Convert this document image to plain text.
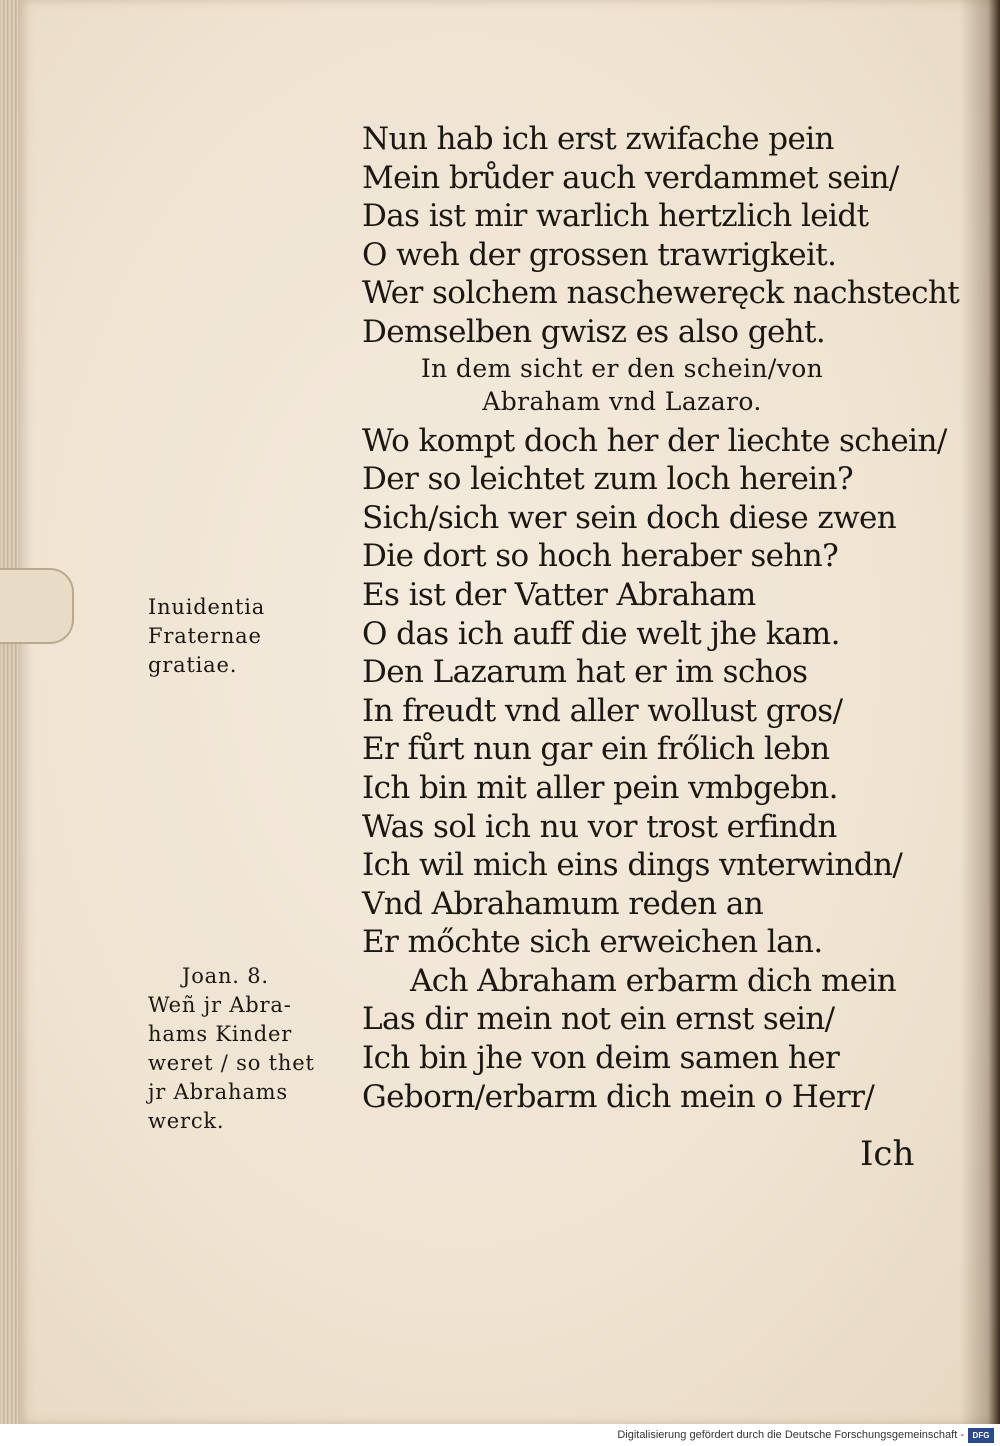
Nun hab ich erst zwifache pein
Mein brůder auch verdammet sein/
Das ist mir warlich hertzlich leidt
O weh der grossen trawrigkeit.
Wer solchem nascheweręck nachstecht
Demselben gwisz es also geht.
In dem sicht er den schein/von
Abraham vnd Lazaro.
Wo kompt doch her der liechte schein/
Der so leichtet zum loch herein?
Sich/sich wer sein doch diese zwen
Die dort so hoch heraber sehn?
Es ist der Vatter Abraham
O das ich auff die welt jhe kam.
Den Lazarum hat er im schos
In freudt vnd aller wollust gros/
Er fůrt nun gar ein frőlich lebn
Ich bin mit aller pein vmbgebn.
Was sol ich nu vor trost erfindn
Ich wil mich eins dings vnterwindn/
Vnd Abrahamum reden an
Er mőchte sich erweichen lan.
Ach Abraham erbarm dich mein
Las dir mein not ein ernst sein/
Ich bin jhe von deim samen her
Geborn/erbarm dich mein o Herr/
Inuidentia
Fraternae
gratiae.
Joan. 8.
Weñ jr Abra-
hams Kinder
weret / so thet
jr Abrahams
werck.
Ich
Digitalisierung gefördert durch die Deutsche Forschungsgemeinschaft -	DFG
